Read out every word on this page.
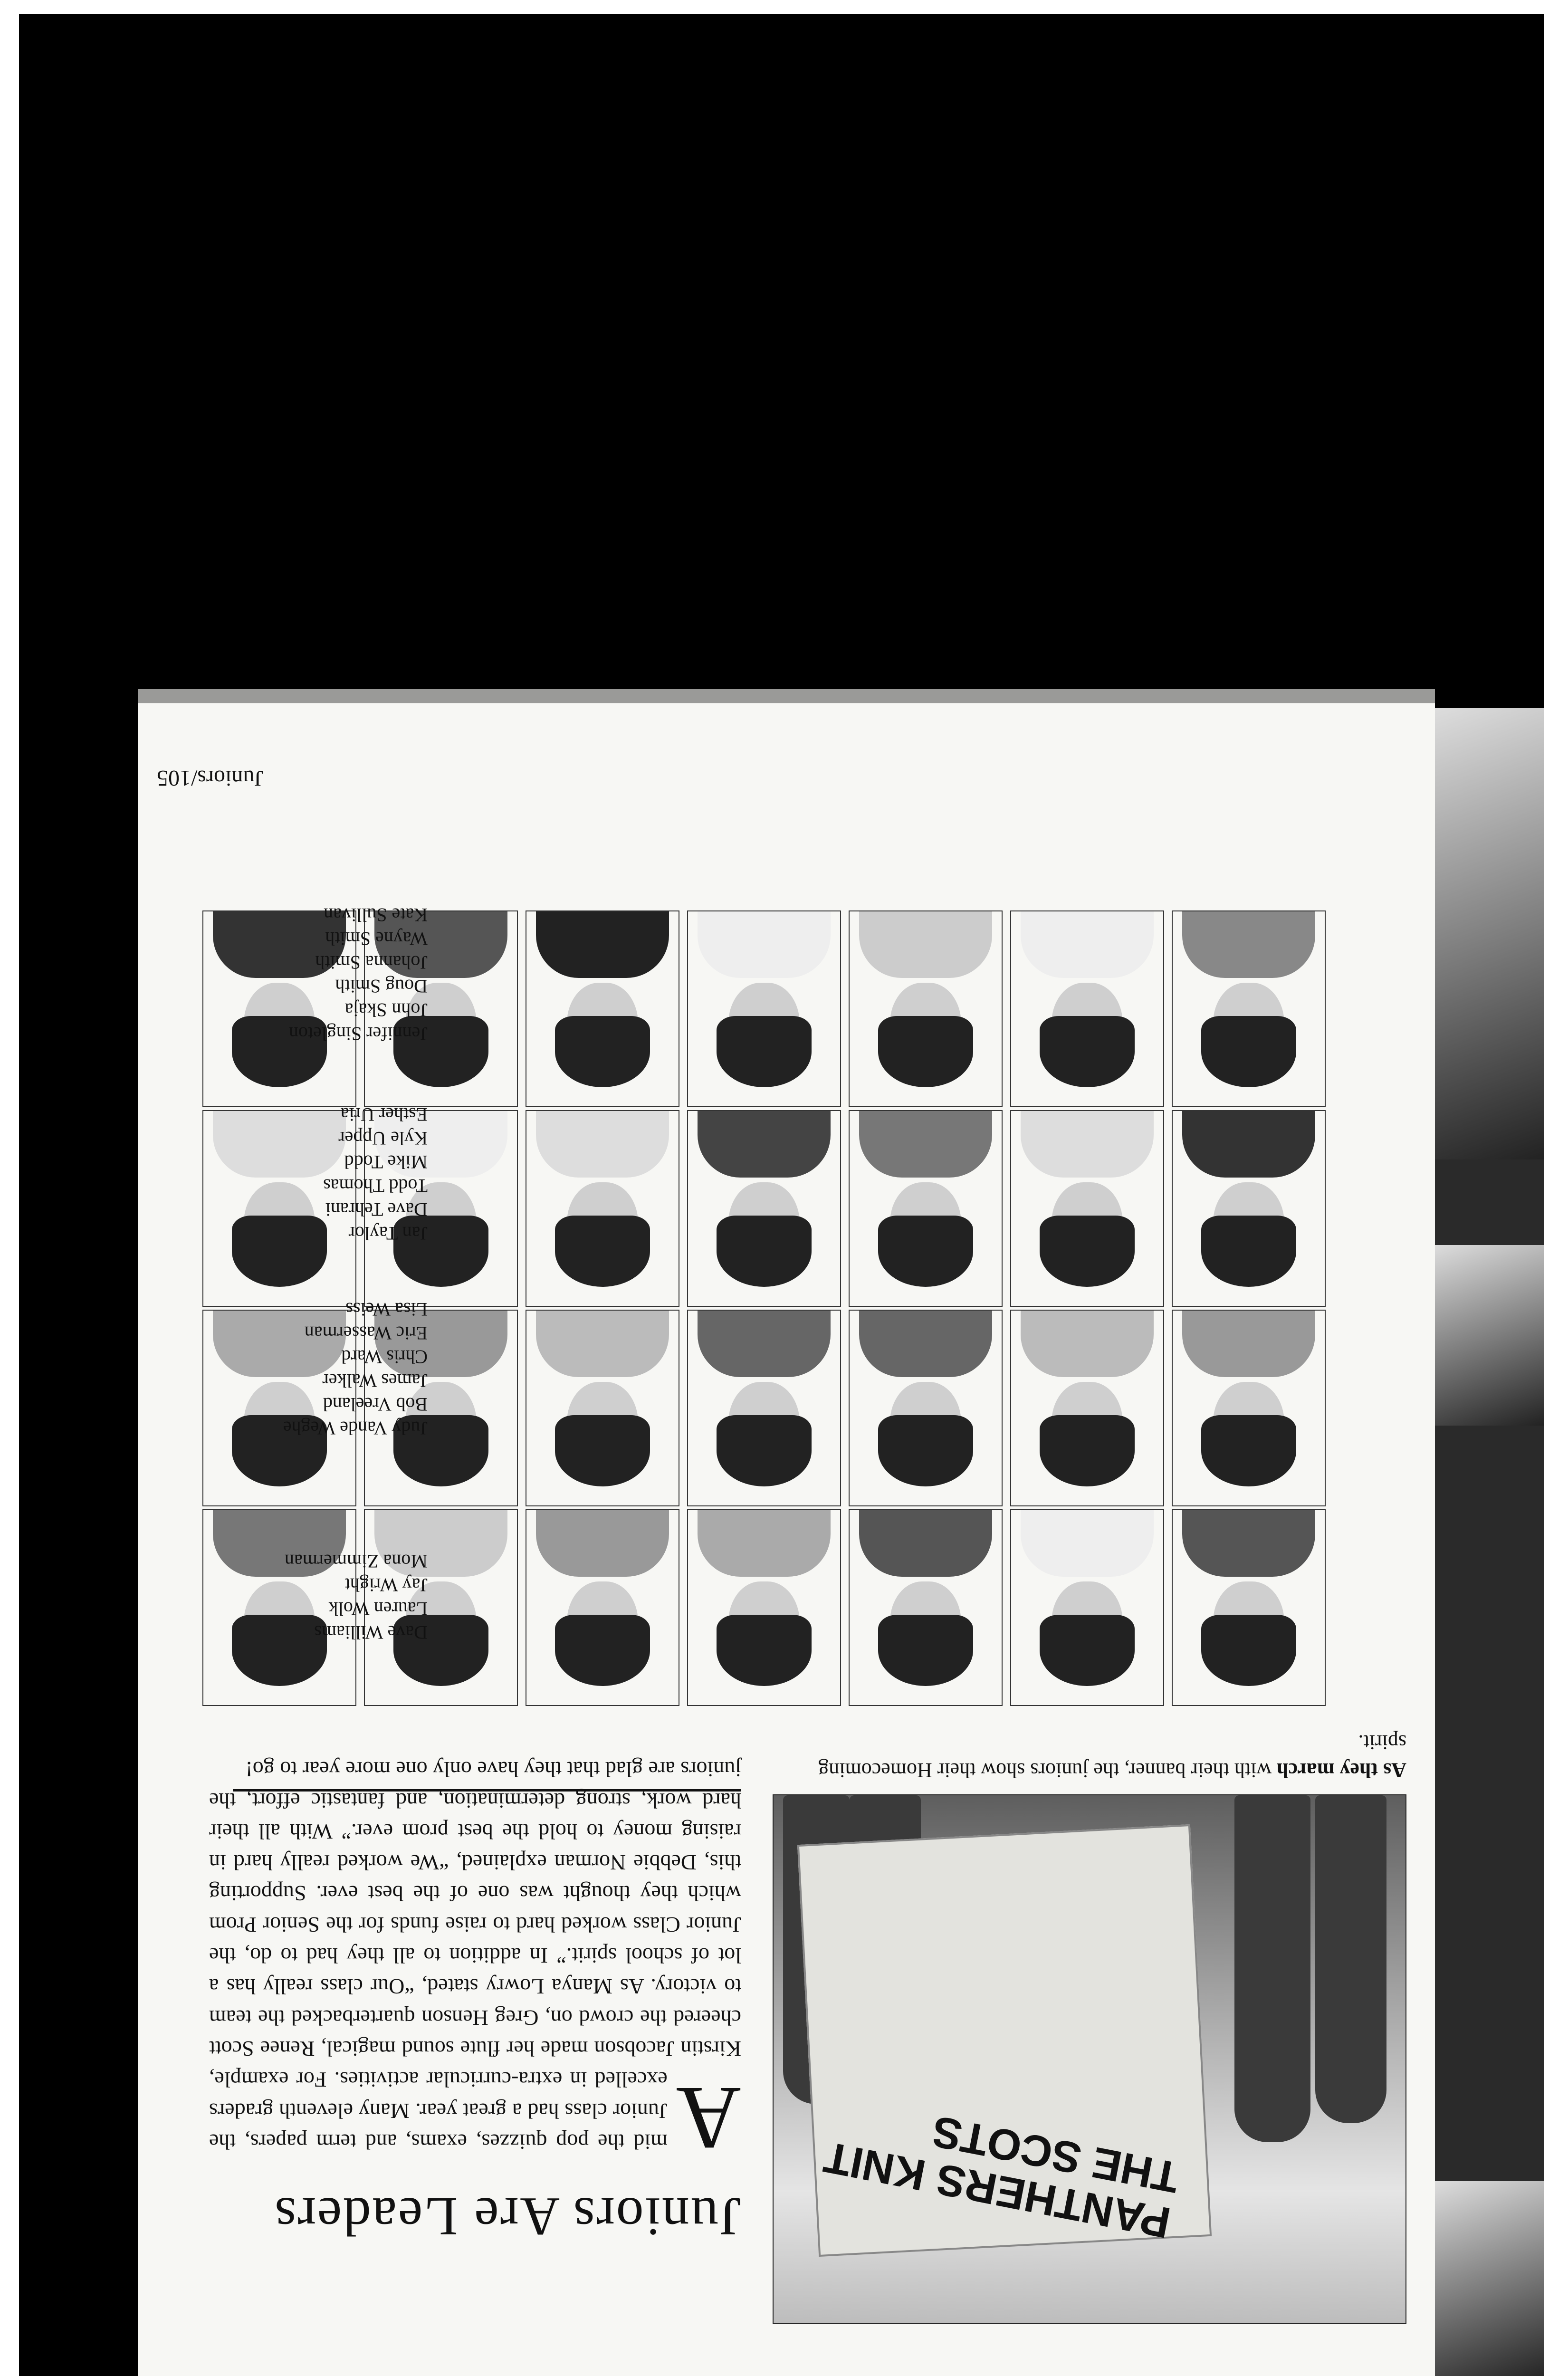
Juniors/105
PANTHERS KNIT THE SCOTS
As they march with their banner, the juniors show their Homecoming spirit.
Juniors Are Leaders
A
mid the pop quizzes, exams, and term papers, the Junior class had a great year. Many eleventh graders excelled in extra-curricular activities. For example, Kirstin Jacobson made her flute sound magical, Renee Scott cheered the crowd on, Greg Henson quarterbacked the team to victory. As Manya Lowry stated, “Our class really has a lot of school spirit.” In addition to all they had to do, the Junior Class worked hard to raise funds for the Senior Prom which they thought was one of the best ever. Supporting this, Debbie Norman explained, “We worked really hard in raising money to hold the best prom ever.” With all their hard work, strong determination, and fantastic effort, the juniors are glad that they have only one more year to go!
Dave Williams
Lauren Wolk
Jay Wright
Mona Zimmerman
Judy Vande Weghe
Bob Vreeland
James Walker
Chris Ward
Eric Wasserman
Lisa Weiss
Jan Taylor
Dave Tehrani
Todd Thomas
Mike Todd
Kyle Upper
Esther Uria
Jennifer Singleton
John Skaja
Doug Smith
Johanna Smith
Wayne Smith
Kate Sullivan
